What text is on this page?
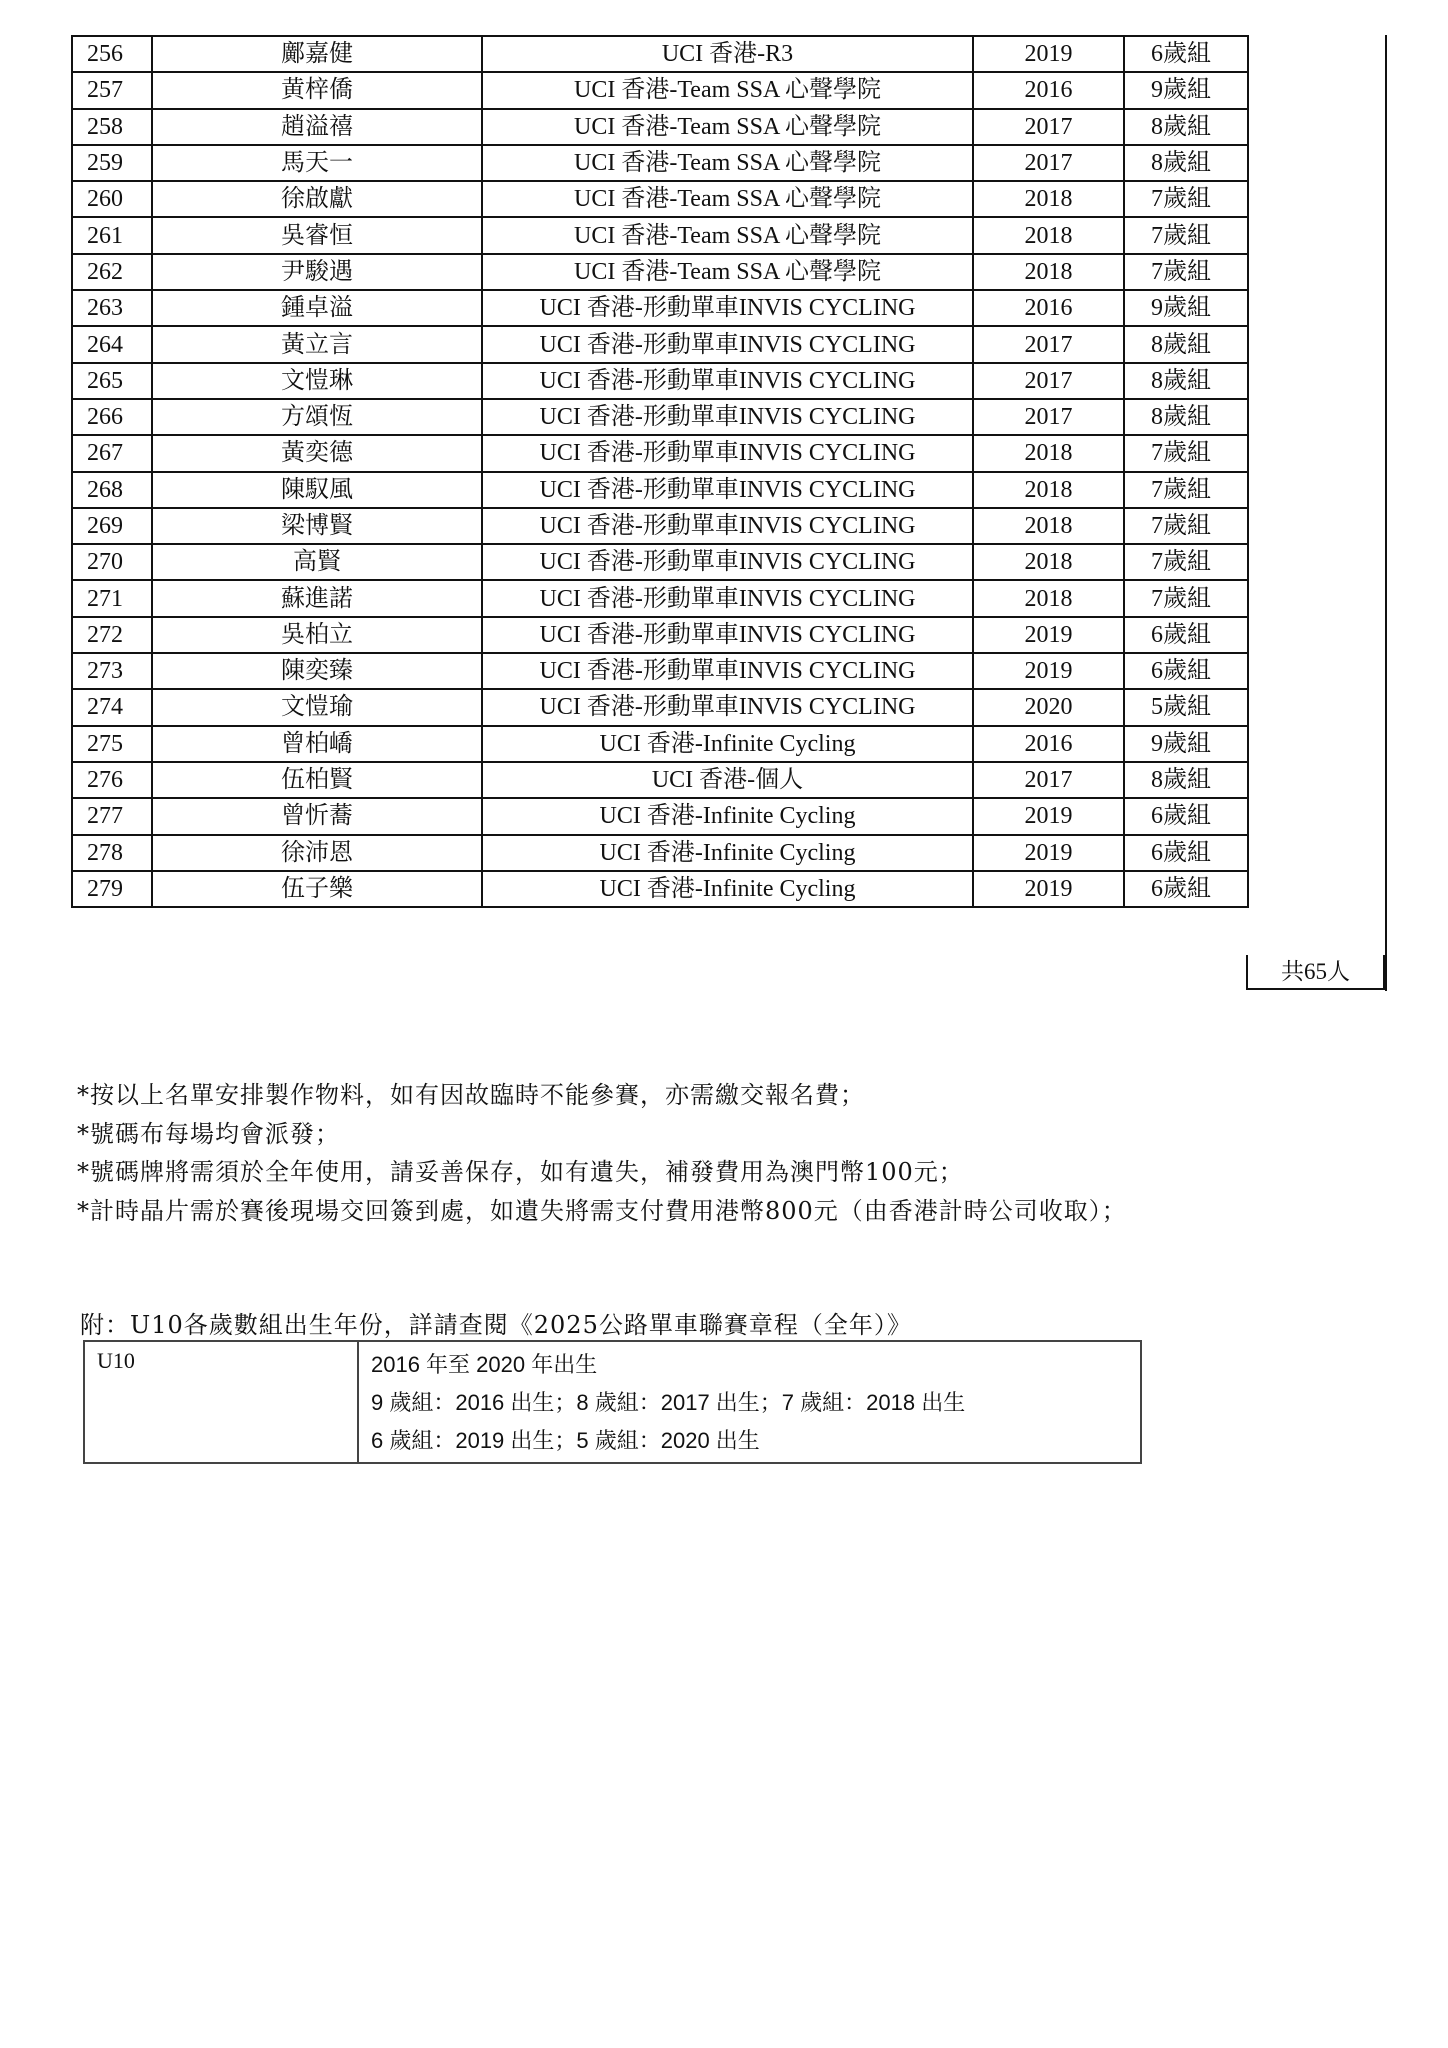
256	鄺嘉健	UCI 香港-R3	2019	6歲組
257	黄梓僑	UCI 香港-Team SSA 心聲學院	2016	9歲組
258	趙溢禧	UCI 香港-Team SSA 心聲學院	2017	8歲組
259	馬天一	UCI 香港-Team SSA 心聲學院	2017	8歲組
260	徐啟獻	UCI 香港-Team SSA 心聲學院	2018	7歲組
261	吳睿恒	UCI 香港-Team SSA 心聲學院	2018	7歲組
262	尹駿遇	UCI 香港-Team SSA 心聲學院	2018	7歲組
263	鍾卓溢	UCI 香港-形動單車INVIS CYCLING	2016	9歲組
264	黃立言	UCI 香港-形動單車INVIS CYCLING	2017	8歲組
265	文愷琳	UCI 香港-形動單車INVIS CYCLING	2017	8歲組
266	方頌恆	UCI 香港-形動單車INVIS CYCLING	2017	8歲組
267	黃奕德	UCI 香港-形動單車INVIS CYCLING	2018	7歲組
268	陳馭風	UCI 香港-形動單車INVIS CYCLING	2018	7歲組
269	梁博賢	UCI 香港-形動單車INVIS CYCLING	2018	7歲組
270	高賢	UCI 香港-形動單車INVIS CYCLING	2018	7歲組
271	蘇進諾	UCI 香港-形動單車INVIS CYCLING	2018	7歲組
272	吳柏立	UCI 香港-形動單車INVIS CYCLING	2019	6歲組
273	陳奕臻	UCI 香港-形動單車INVIS CYCLING	2019	6歲組
274	文愷瑜	UCI 香港-形動單車INVIS CYCLING	2020	5歲組
275	曾柏嶠	UCI 香港-Infinite Cycling	2016	9歲組
276	伍柏賢	UCI 香港-個人	2017	8歲組
277	曾忻蕎	UCI 香港-Infinite Cycling	2019	6歲組
278	徐沛恩	UCI 香港-Infinite Cycling	2019	6歲組
279	伍子樂	UCI 香港-Infinite Cycling	2019	6歲組
共65人
*按以上名單安排製作物料，如有因故臨時不能參賽，亦需繳交報名費；
*號碼布每場均會派發；
*號碼牌將需須於全年使用，請妥善保存，如有遺失，補發費用為澳門幣100元；
*計時晶片需於賽後現場交回簽到處，如遺失將需支付費用港幣800元（由香港計時公司收取）；
附：U10各歲數組出生年份，詳請查閱《2025公路單車聯賽章程（全年）》
U10	2016 年至 2020 年出生
9 歲組：2016 出生；8 歲組：2017 出生；7 歲組：2018 出生
6 歲組：2019 出生；5 歲組：2020 出生
